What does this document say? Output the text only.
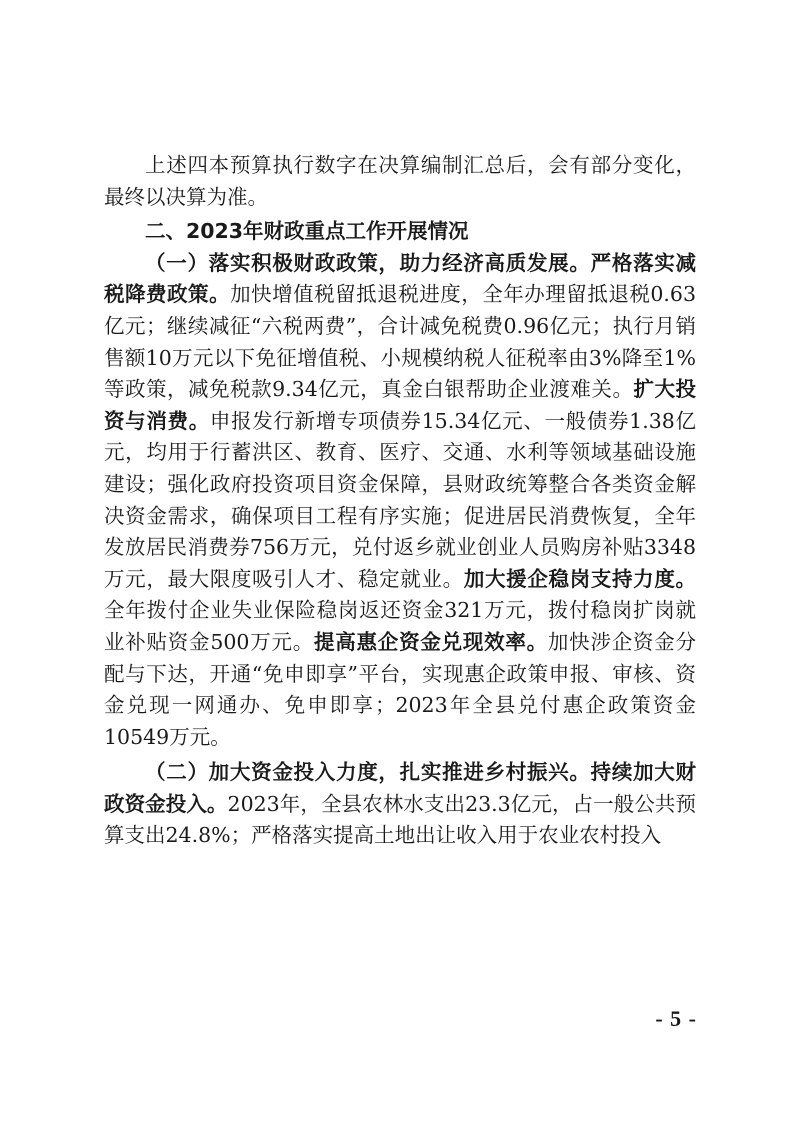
上述四本预算执行数字在决算编制汇总后，会有部分变化，最终以决算为准。

二、2023年财政重点工作开展情况

（一）落实积极财政政策，助力经济高质发展。严格落实减税降费政策。加快增值税留抵退税进度，全年办理留抵退税0.63亿元；继续减征“六税两费”，合计减免税费0.96亿元；执行月销售额10万元以下免征增值税、小规模纳税人征税率由3%降至1%等政策，减免税款9.34亿元，真金白银帮助企业渡难关。扩大投资与消费。申报发行新增专项债券15.34亿元、一般债券1.38亿元，均用于行蓄洪区、教育、医疗、交通、水利等领域基础设施建设；强化政府投资项目资金保障，县财政统筹整合各类资金解决资金需求，确保项目工程有序实施；促进居民消费恢复，全年发放居民消费券756万元，兑付返乡就业创业人员购房补贴3348万元，最大限度吸引人才、稳定就业。加大援企稳岗支持力度。全年拨付企业失业保险稳岗返还资金321万元，拨付稳岗扩岗就业补贴资金500万元。提高惠企资金兑现效率。加快涉企资金分配与下达，开通“免申即享”平台，实现惠企政策申报、审核、资金兑现一网通办、免申即享；2023年全县兑付惠企政策资金10549万元。

（二）加大资金投入力度，扎实推进乡村振兴。持续加大财政资金投入。2023年，全县农林水支出23.3亿元，占一般公共预算支出24.8%；严格落实提高土地出让收入用于农业农村投入

- 5 -
